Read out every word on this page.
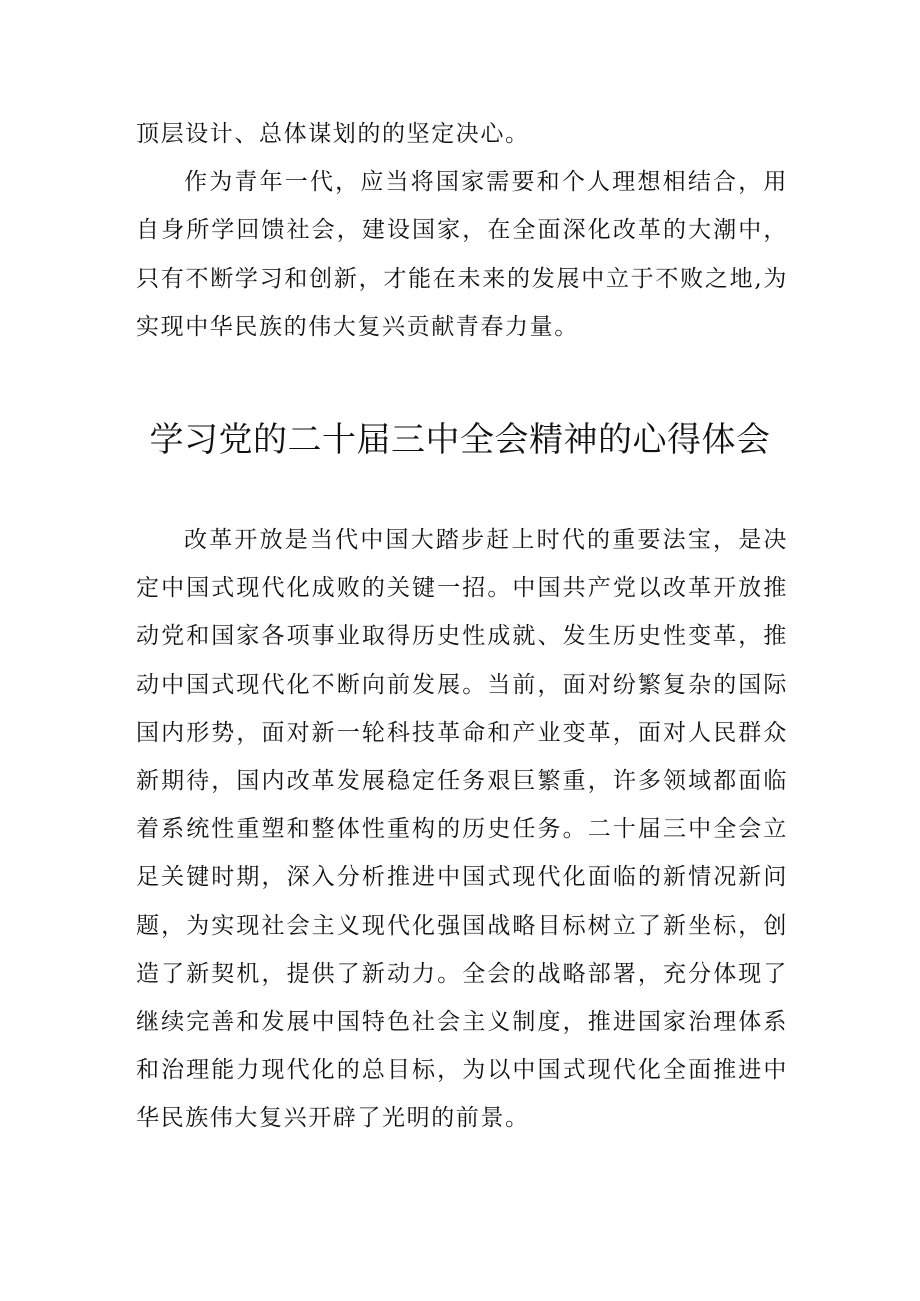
顶层设计、总体谋划的的坚定决心。

作为青年一代，应当将国家需要和个人理想相结合，用自身所学回馈社会，建设国家，在全面深化改革的大潮中，只有不断学习和创新，才能在未来的发展中立于不败之地,为实现中华民族的伟大复兴贡献青春力量。

学习党的二十届三中全会精神的心得体会

改革开放是当代中国大踏步赶上时代的重要法宝，是决定中国式现代化成败的关键一招。中国共产党以改革开放推动党和国家各项事业取得历史性成就、发生历史性变革，推动中国式现代化不断向前发展。当前，面对纷繁复杂的国际国内形势，面对新一轮科技革命和产业变革，面对人民群众新期待，国内改革发展稳定任务艰巨繁重，许多领域都面临着系统性重塑和整体性重构的历史任务。二十届三中全会立足关键时期，深入分析推进中国式现代化面临的新情况新问题，为实现社会主义现代化强国战略目标树立了新坐标，创造了新契机，提供了新动力。全会的战略部署，充分体现了继续完善和发展中国特色社会主义制度，推进国家治理体系和治理能力现代化的总目标，为以中国式现代化全面推进中华民族伟大复兴开辟了光明的前景。
